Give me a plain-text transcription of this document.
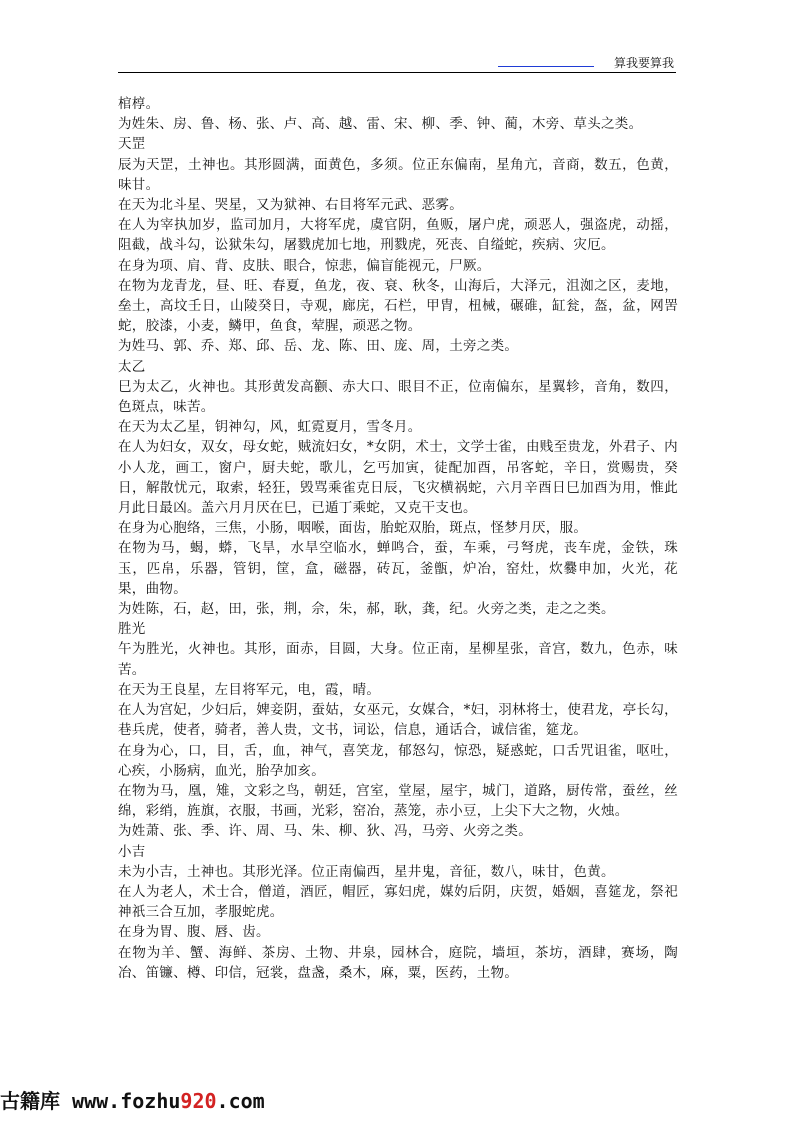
算我要算我

棺椁。

为姓朱、房、鲁、杨、张、卢、高、越、雷、宋、柳、季、钟、蔺，木旁、草头之类。

天罡

辰为天罡，土神也。其形圆满，面黄色，多须。位正东偏南，星角亢，音商，数五，色黄，味甘。

在天为北斗星、哭星，又为狱神、右目将军元武、恶雾。

在人为宰执加岁，监司加月，大将军虎，虞官阴，鱼贩，屠户虎，顽恶人，强盗虎，动摇，阻截，战斗勾，讼狱朱勾，屠戮虎加七地，刑戮虎，死丧、自缢蛇，疾病、灾厄。

在身为项、肩、背、皮肤、眼合，惊悲，偏盲能视元，尸厥。

在物为龙青龙，昼、旺、春夏，鱼龙，夜、衰、秋冬，山海后，大泽元，沮洳之区，麦地，垒土，高坟壬日，山陵癸日，寺观，廊庑，石栏，甲胄，杻械，碾碓，缸瓮，盔，盆，网罟蛇，胶漆，小麦，鳞甲，鱼食，荤腥，顽恶之物。

为姓马、郭、乔、郑、邱、岳、龙、陈、田、庞、周，土旁之类。

太乙

巳为太乙，火神也。其形黄发高颧、赤大口、眼目不正，位南偏东，星翼轸，音角，数四，色斑点，味苦。

在天为太乙星，钥神勾，风，虹霓夏月，雪冬月。

在人为妇女，双女，母女蛇，贼流妇女，*女阴，术士，文学士雀，由贱至贵龙，外君子、内小人龙，画工，窗户，厨夫蛇，歌儿，乞丐加寅，徒配加酉，吊客蛇，辛日，赏赐贵，癸日，解散忧元，取索，轻狂，毁骂乘雀克日辰，飞灾横祸蛇，六月辛酉日巳加酉为用，惟此月此日最凶。盖六月月厌在巳，已遁丁乘蛇，又克干支也。

在身为心胞络，三焦，小肠，咽喉，面齿，胎蛇双胎，斑点，怪梦月厌，服。

在物为马，蝎，蟒，飞旱，水旱空临水，蝉鸣合，蚕，车乘，弓弩虎，丧车虎，金铁，珠玉，匹帛，乐器，管钥，筐，盒，磁器，砖瓦，釜甑，炉冶，窑灶，炊爨申加，火光，花果，曲物。

为姓陈，石，赵，田，张，荆，佘，朱，郝，耿，龚，纪。火旁之类，走之之类。

胜光

午为胜光，火神也。其形，面赤，目圆，大身。位正南，星柳星张，音宫，数九，色赤，味苦。

在天为王良星，左目将军元，电，霞，晴。

在人为宫妃，少妇后，婢妾阴，蚕姑，女巫元，女媒合，*妇，羽林将士，使君龙，亭长勾，巷兵虎，使者，骑者，善人贵，文书，词讼，信息，通话合，诚信雀，筵龙。

在身为心，口，目，舌，血，神气，喜笑龙，郁怒勾，惊恐，疑惑蛇，口舌咒诅雀，呕吐，心疾，小肠病，血光，胎孕加亥。

在物为马，凰，雉，文彩之鸟，朝廷，宫室，堂屋，屋宇，城门，道路，厨传常，蚕丝，丝绵，彩绡，旌旗，衣服，书画，光彩，窑冶，蒸笼，赤小豆，上尖下大之物，火烛。

为姓萧、张、季、许、周、马、朱、柳、狄、冯，马旁、火旁之类。

小吉

未为小吉，土神也。其形光泽。位正南偏西，星井鬼，音征，数八，味甘，色黄。

在人为老人，术士合，僧道，酒匠，帽匠，寡妇虎，媒妁后阴，庆贺，婚姻，喜筵龙，祭祀神祇三合互加，孝服蛇虎。

在身为胃、腹、唇、齿。

在物为羊、蟹、海鲜、茶房、土物、井泉，园林合，庭院，墙垣，茶坊，酒肆，赛场，陶冶、笛镰、樽、印信，冠裳，盘盏，桑木，麻，粟，医药，土物。

古籍库 www.fozhu920.com
